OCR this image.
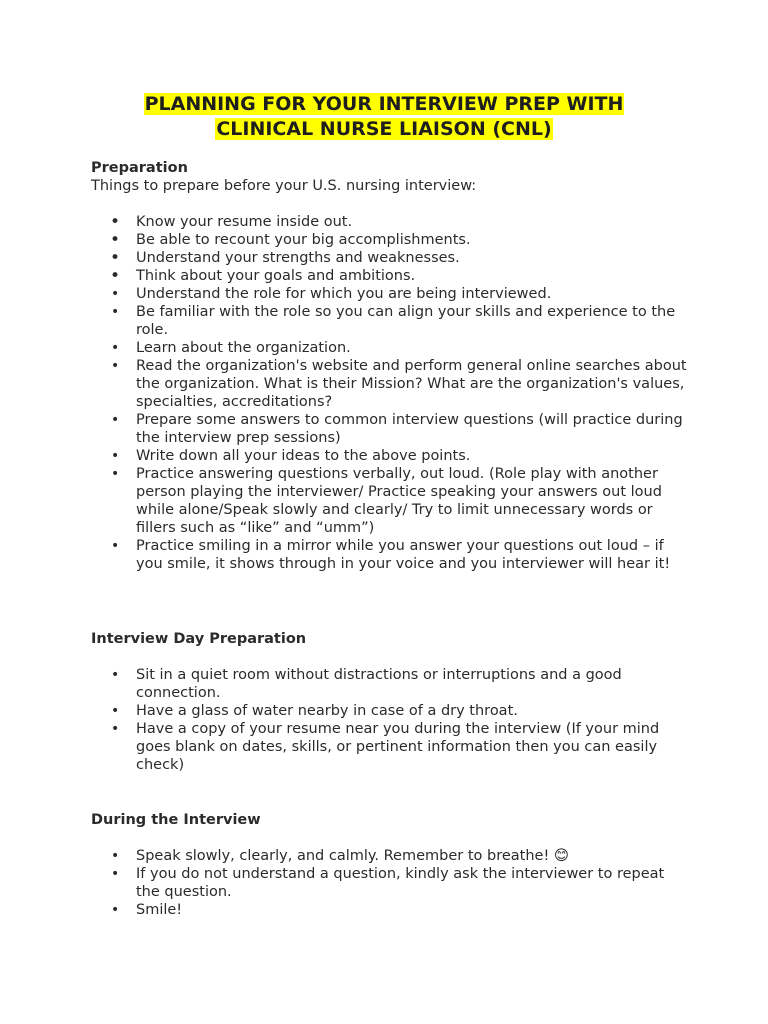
PLANNING FOR YOUR INTERVIEW PREP WITH
CLINICAL NURSE LIAISON (CNL)

Preparation

Things to prepare before your U.S. nursing interview:

• Know your resume inside out.
• Be able to recount your big accomplishments.
• Understand your strengths and weaknesses.
• Think about your goals and ambitions.
• Understand the role for which you are being interviewed.
• Be familiar with the role so you can align your skills and experience to the role.
• Learn about the organization.
• Read the organization's website and perform general online searches about the organization. What is their Mission? What are the organization's values, specialties, accreditations?
• Prepare some answers to common interview questions (will practice during the interview prep sessions)
• Write down all your ideas to the above points.
• Practice answering questions verbally, out loud. (Role play with another person playing the interviewer/ Practice speaking your answers out loud while alone/Speak slowly and clearly/ Try to limit unnecessary words or fillers such as “like” and “umm”)
• Practice smiling in a mirror while you answer your questions out loud – if you smile, it shows through in your voice and you interviewer will hear it!

Interview Day Preparation

• Sit in a quiet room without distractions or interruptions and a good connection.
• Have a glass of water nearby in case of a dry throat.
• Have a copy of your resume near you during the interview (If your mind goes blank on dates, skills, or pertinent information then you can easily check)

During the Interview

• Speak slowly, clearly, and calmly. Remember to breathe! 😊
• If you do not understand a question, kindly ask the interviewer to repeat the question.
• Smile!
